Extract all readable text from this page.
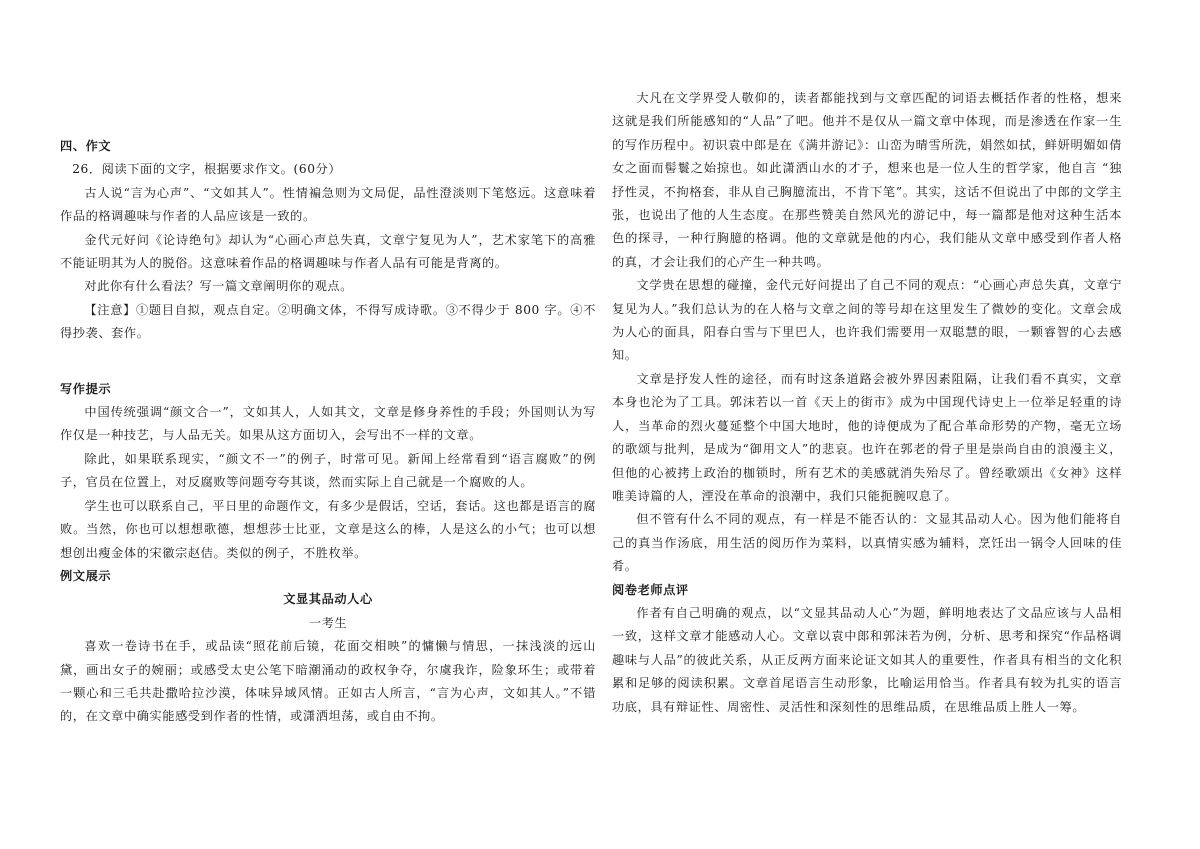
四、作文

26．阅读下面的文字，根据要求作文。(60分）

古人说“言为心声”、“文如其人”。性情褊急则为文局促，品性澄淡则下笔悠远。这意味着作品的格调趣味与作者的人品应该是一致的。

金代元好问《论诗绝句》却认为“心画心声总失真，文章宁复见为人”，艺术家笔下的高雅不能证明其为人的脱俗。这意味着作品的格调趣味与作者人品有可能是背离的。

对此你有什么看法？写一篇文章阐明你的观点。

【注意】①题目自拟，观点自定。②明确文体，不得写成诗歌。③不得少于 800 字。④不得抄袭、套作。

写作提示

中国传统强调“颜文合一”，文如其人，人如其文，文章是修身养性的手段；外国则认为写作仅是一种技艺，与人品无关。如果从这方面切入，会写出不一样的文章。

除此，如果联系现实，“颜文不一”的例子，时常可见。新闻上经常看到“语言腐败”的例子，官员在位置上，对反腐败等问题夸夸其谈，然而实际上自己就是一个腐败的人。

学生也可以联系自己，平日里的命题作文，有多少是假话，空话，套话。这也都是语言的腐败。当然，你也可以想想歌德，想想莎士比亚，文章是这么的棒，人是这么的小气；也可以想想创出瘦金体的宋徽宗赵佶。类似的例子，不胜枚举。

例文展示

文显其品动人心

一考生

喜欢一卷诗书在手，或品读“照花前后镜，花面交相映”的慵懒与情思，一抹浅淡的远山黛，画出女子的婉丽；或感受太史公笔下暗潮涌动的政权争夺，尔虞我诈，险象环生；或带着一颗心和三毛共赴撒哈拉沙漠，体味异域风情。正如古人所言，“言为心声，文如其人。”不错的，在文章中确实能感受到作者的性情，或潇洒坦荡，或自由不拘。

大凡在文学界受人敬仰的，读者都能找到与文章匹配的词语去概括作者的性格，想来这就是我们所能感知的“人品”了吧。他并不是仅从一篇文章中体现，而是渗透在作家一生的写作历程中。初识袁中郎是在《满井游记》：山峦为晴雪所洗，娟然如拭，鲜妍明媚如倩女之面而髻鬟之始掠也。如此潇洒山水的才子，想来也是一位人生的哲学家，他自言 “独抒性灵，不拘格套，非从自己胸臆流出，不肯下笔”。其实，这话不但说出了中郎的文学主张，也说出了他的人生态度。在那些赞美自然风光的游记中，每一篇都是他对这种生活本色的探寻，一种行胸臆的格调。他的文章就是他的内心，我们能从文章中感受到作者人格的真，才会让我们的心产生一种共鸣。

文学贵在思想的碰撞，金代元好问提出了自己不同的观点：“心画心声总失真，文章宁复见为人。”我们总认为的在人格与文章之间的等号却在这里发生了微妙的变化。文章会成为人心的面具，阳春白雪与下里巴人，也许我们需要用一双聪慧的眼，一颗睿智的心去感知。

文章是抒发人性的途径，而有时这条道路会被外界因素阻隔，让我们看不真实，文章本身也沦为了工具。郭沫若以一首《天上的街市》成为中国现代诗史上一位举足轻重的诗人，当革命的烈火蔓延整个中国大地时，他的诗便成为了配合革命形势的产物，毫无立场的歌颂与批判，是成为“御用文人”的悲哀。也许在郭老的骨子里是崇尚自由的浪漫主义，但他的心被拷上政治的枷锁时，所有艺术的美感就消失殆尽了。曾经歌颂出《女神》这样唯美诗篇的人，湮没在革命的浪潮中，我们只能扼腕叹息了。

但不管有什么不同的观点，有一样是不能否认的：文显其品动人心。因为他们能将自己的真当作汤底，用生活的阅历作为菜料，以真情实感为辅料，烹饪出一锅令人回味的佳肴。

阅卷老师点评

作者有自己明确的观点，以“文显其品动人心”为题，鲜明地表达了文品应该与人品相一致，这样文章才能感动人心。文章以袁中郎和郭沫若为例，分析、思考和探究“作品格调趣味与人品”的彼此关系，从正反两方面来论证文如其人的重要性，作者具有相当的文化积累和足够的阅读积累。文章首尾语言生动形象，比喻运用恰当。作者具有较为扎实的语言功底，具有辩证性、周密性、灵活性和深刻性的思维品质，在思维品质上胜人一筹。
